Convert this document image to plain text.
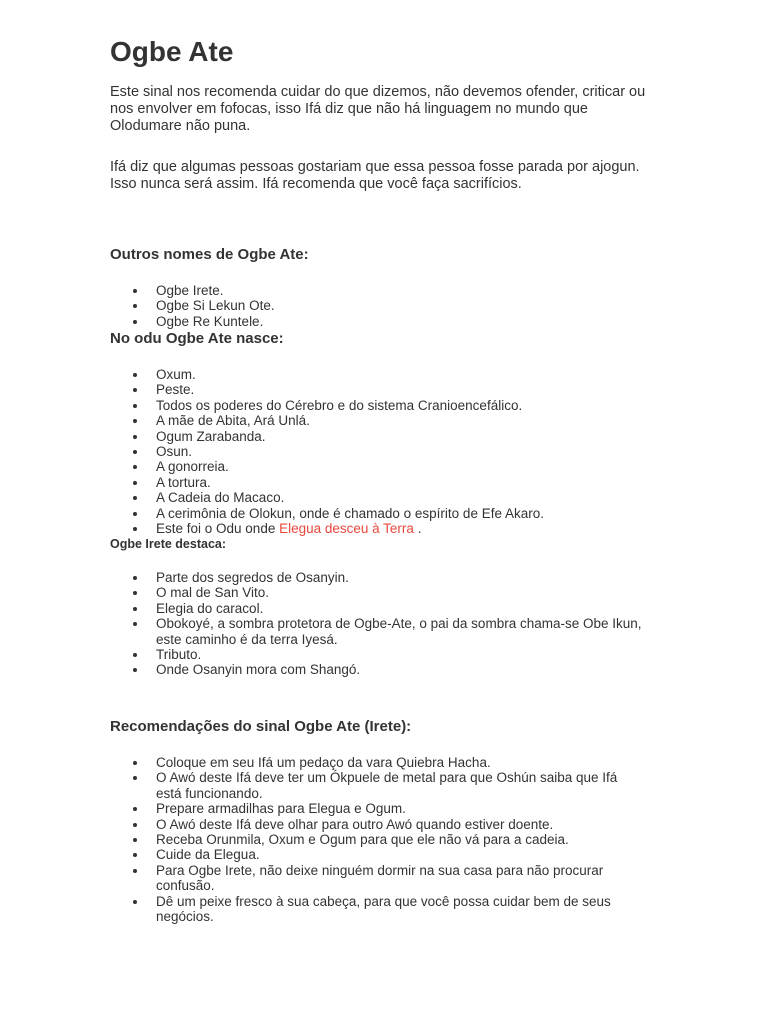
Ogbe Ate

Este sinal nos recomenda cuidar do que dizemos, não devemos ofender, criticar ou nos envolver em fofocas, isso Ifá diz que não há linguagem no mundo que Olodumare não puna.

Ifá diz que algumas pessoas gostariam que essa pessoa fosse parada por ajogun. Isso nunca será assim. Ifá recomenda que você faça sacrifícios.

Outros nomes de Ogbe Ate:
Ogbe Irete.
Ogbe Si Lekun Ote.
Ogbe Re Kuntele.
No odu Ogbe Ate nasce:
Oxum.
Peste.
Todos os poderes do Cérebro e do sistema Cranioencefálico.
A mãe de Abita, Ará Unlá.
Ogum Zarabanda.
Osun.
A gonorreia.
A tortura.
A Cadeia do Macaco.
A cerimônia de Olokun, onde é chamado o espírito de Efe Akaro.
Este foi o Odu onde Elegua desceu à Terra .
Ogbe Irete destaca:
Parte dos segredos de Osanyin.
O mal de San Vito.
Elegia do caracol.
Obokoyé, a sombra protetora de Ogbe-Ate, o pai da sombra chama-se Obe Ikun, este caminho é da terra Iyesá.
Tributo.
Onde Osanyin mora com Shangó.
Recomendações do sinal Ogbe Ate (Irete):
Coloque em seu Ifá um pedaço da vara Quiebra Hacha.
O Awó deste Ifá deve ter um Ókpuele de metal para que Oshún saiba que Ifá está funcionando.
Prepare armadilhas para Elegua e Ogum.
O Awó deste Ifá deve olhar para outro Awó quando estiver doente.
Receba Orunmila, Oxum e Ogum para que ele não vá para a cadeia.
Cuide da Elegua.
Para Ogbe Irete, não deixe ninguém dormir na sua casa para não procurar confusão.
Dê um peixe fresco à sua cabeça, para que você possa cuidar bem de seus negócios.
